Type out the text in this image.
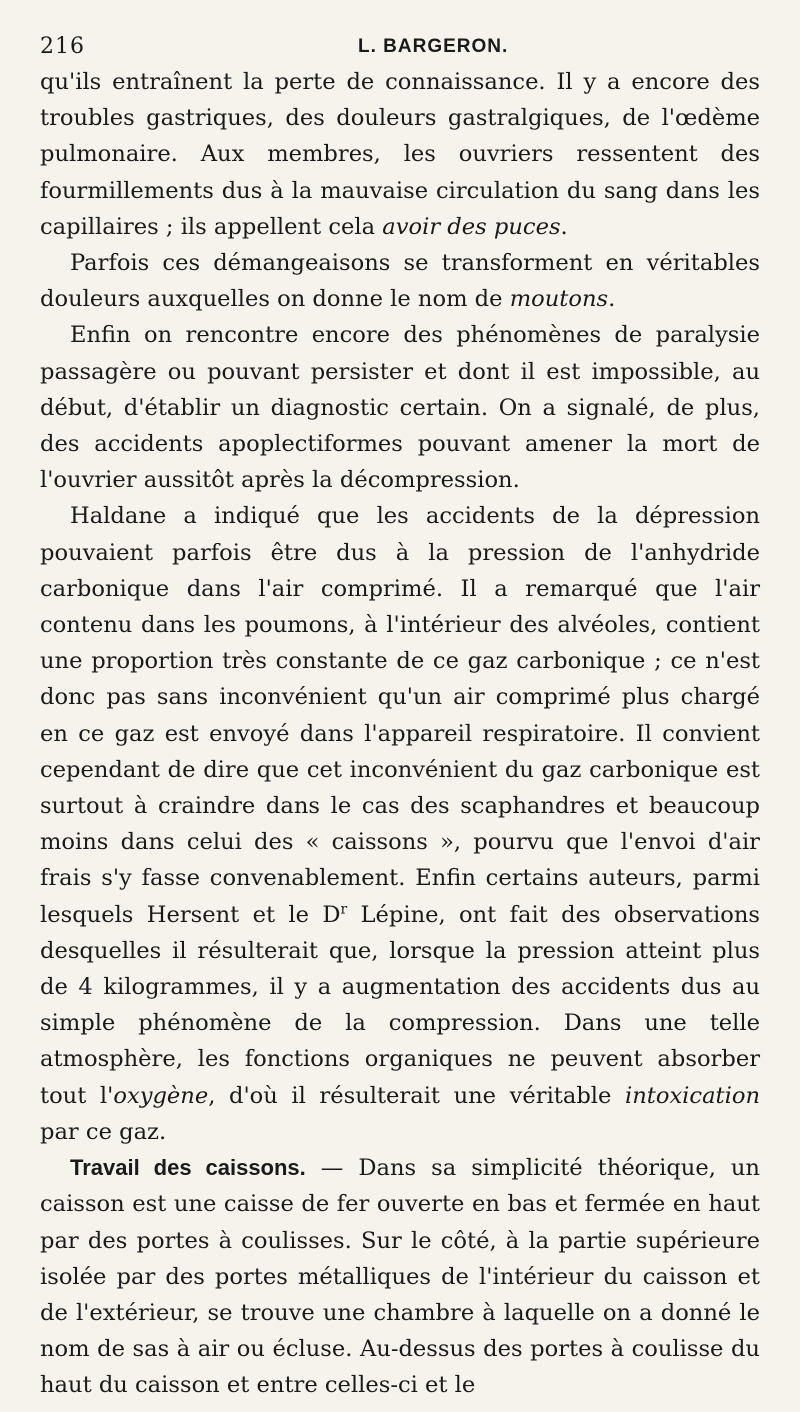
216	L. BARGERON.

qu'ils entraînent la perte de connaissance. Il y a encore des troubles gastriques, des douleurs gastralgiques, de l'œdème pulmonaire. Aux membres, les ouvriers ressentent des fourmillements dus à la mauvaise circulation du sang dans les capillaires ; ils appellent cela avoir des puces.

Parfois ces démangeaisons se transforment en véritables douleurs auxquelles on donne le nom de moutons.

Enfin on rencontre encore des phénomènes de paralysie passagère ou pouvant persister et dont il est impossible, au début, d'établir un diagnostic certain. On a signalé, de plus, des accidents apoplectiformes pouvant amener la mort de l'ouvrier aussitôt après la décompression.

Haldane a indiqué que les accidents de la dépression pouvaient parfois être dus à la pression de l'anhydride carbonique dans l'air comprimé. Il a remarqué que l'air contenu dans les poumons, à l'intérieur des alvéoles, contient une proportion très constante de ce gaz carbonique ; ce n'est donc pas sans inconvénient qu'un air comprimé plus chargé en ce gaz est envoyé dans l'appareil respiratoire. Il convient cependant de dire que cet inconvénient du gaz carbonique est surtout à craindre dans le cas des scaphandres et beaucoup moins dans celui des « caissons », pourvu que l'envoi d'air frais s'y fasse convenablement. Enfin certains auteurs, parmi lesquels Hersent et le $D^r$ Lépine, ont fait des observations desquelles il résulterait que, lorsque la pression atteint plus de 4 kilogrammes, il y a augmentation des accidents dus au simple phénomène de la compression. Dans une telle atmosphère, les fonctions organiques ne peuvent absorber tout l'oxygène, d'où il résulterait une véritable intoxication par ce gaz.

Travail des caissons. — Dans sa simplicité théorique, un caisson est une caisse de fer ouverte en bas et fermée en haut par des portes à coulisses. Sur le côté, à la partie supérieure isolée par des portes métalliques de l'intérieur du caisson et de l'extérieur, se trouve une chambre à laquelle on a donné le nom de sas à air ou écluse. Au-dessus des portes à coulisse du haut du caisson et entre celles-ci et le
